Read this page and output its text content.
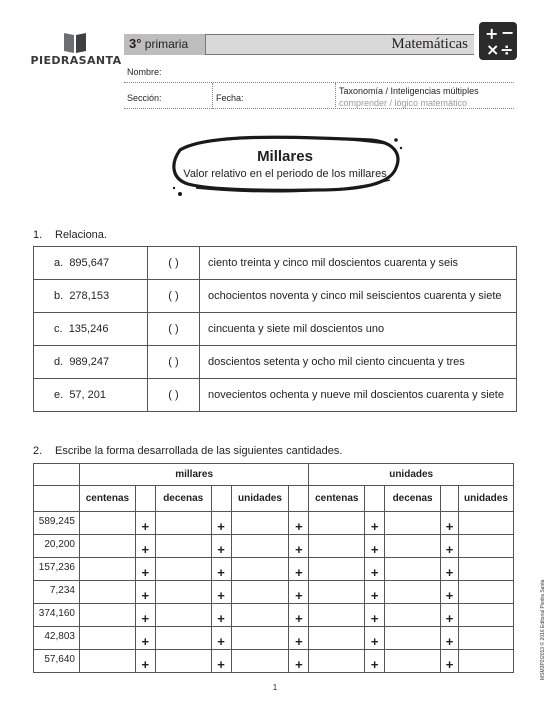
PIEDRASANTA
3° primaria	Matemáticas
+ −
× ÷
Nombre:
Sección:	Fecha:
Taxonomía / Inteligencias múltiples
comprender / lógico matemático
Millares
Valor relativo en el periodo de los millares
1. Relaciona.
a. 895,647	( )	ciento treinta y cinco mil doscientos cuarenta y seis
b. 278,153	( )	ochocientos noventa y cinco mil seiscientos cuarenta y siete
c. 135,246	( )	cincuenta y siete mil doscientos uno
d. 989,247	( )	doscientos setenta y ocho mil ciento cincuenta y tres
e. 57, 201	( )	novecientos ochenta y nueve mil doscientos cuarenta y siete
2. Escribe la forma desarrollada de las siguientes cantidades.
	millares						unidades				
	centenas		decenas		unidades		centenas		decenas		unidades
589,245		+		+		+		+		+	
20,200		+		+		+		+		+	
157,236		+		+		+		+		+	
7,234		+		+		+		+		+	
374,160		+		+		+		+		+	
42,803		+		+		+		+		+	
57,640		+		+		+		+		+	
1
MSM3P2I2013 © 2016 Editorial Piedra Santa
